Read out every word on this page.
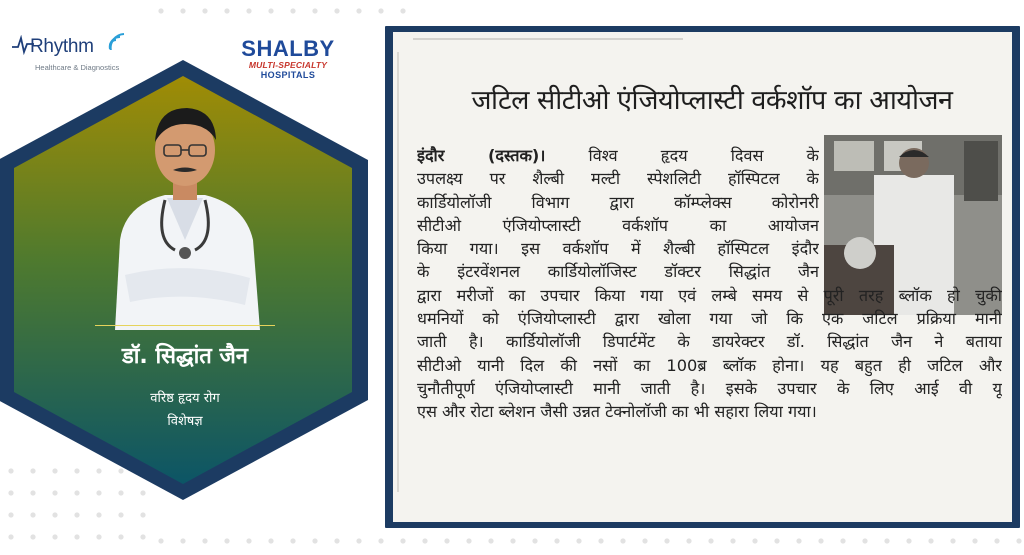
Rhythm
Healthcare & Diagnostics
SHALBY
MULTI-SPECIALTY
HOSPITALS
डॉ. सिद्धांत जैन
वरिष्ठ हृदय रोग
विशेषज्ञ
जटिल सीटीओ एंजियोप्लास्टी वर्कशॉप का आयोजन
इंदौर (दस्तक)।	विश्व हृदय दिवस के
उपलक्ष्य पर शैल्बी मल्टी स्पेशलिटी हॉस्पिटल के
कार्डियोलॉजी विभाग द्वारा कॉम्प्लेक्स कोरोनरी
सीटीओ एंजियोप्लास्टी वर्कशॉप का आयोजन
किया गया। इस वर्कशॉप में शैल्बी हॉस्पिटल इंदौर
के इंटरवेंशनल कार्डियोलॉजिस्ट डॉक्टर सिद्धांत जैन
द्वारा मरीजों का उपचार किया गया एवं लम्बे समय से पूरी तरह ब्लॉक हो चुकी
धमनियों को एंजियोप्लास्टी द्वारा खोला गया जो कि एक जटिल प्रक्रिया मानी
जाती है। कार्डियोलॉजी डिपार्टमेंट के डायरेक्टर डॉ. सिद्धांत जैन ने बताया
सीटीओ यानी दिल की नसों का 100ब्र ब्लॉक होना। यह बहुत ही जटिल और
चुनौतीपूर्ण एंजियोप्लास्टी मानी जाती है। इसके उपचार के लिए आई वी यू
एस और रोटा ब्लेशन जैसी उन्नत टेक्नोलॉजी का भी सहारा लिया गया।
